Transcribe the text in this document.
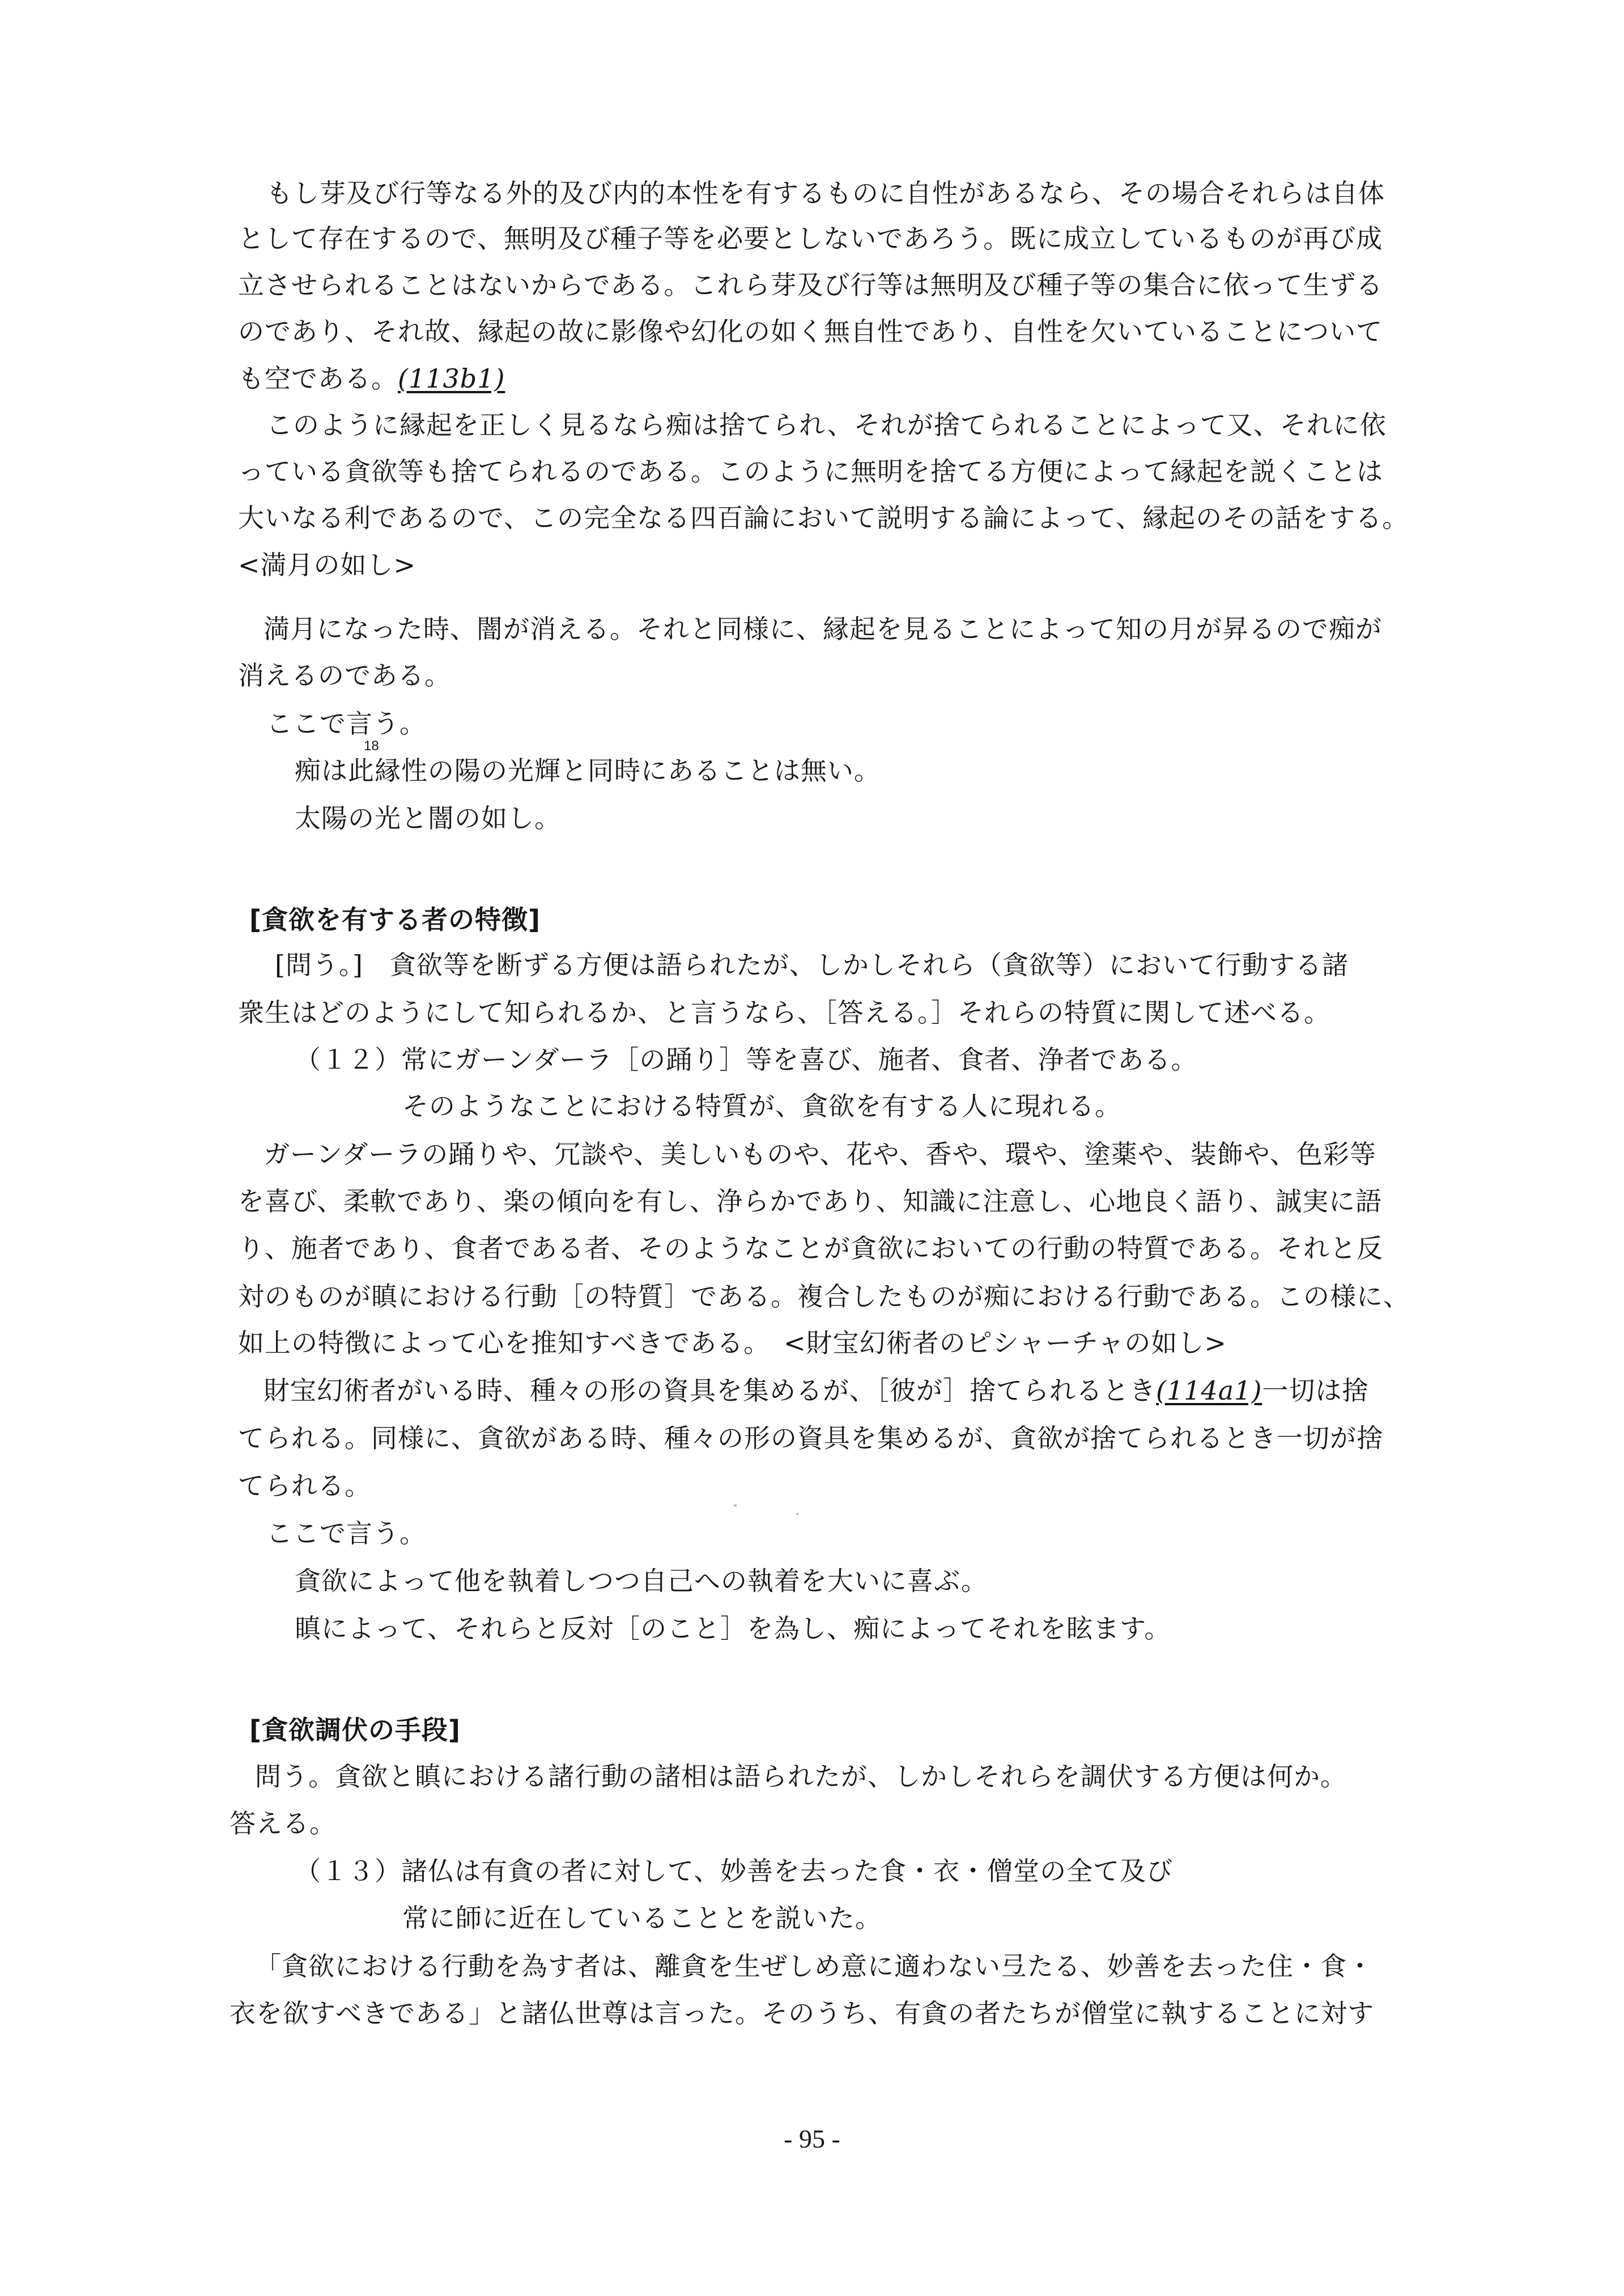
もし芽及び行等なる外的及び内的本性を有するものに自性があるなら、その場合それらは自体
として存在するので、無明及び種子等を必要としないであろう。既に成立しているものが再び成
立させられることはないからである。これら芽及び行等は無明及び種子等の集合に依って生ずる
のであり、それ故、縁起の故に影像や幻化の如く無自性であり、自性を欠いていることについて
も空である。(113b1)
このように縁起を正しく見るなら痴は捨てられ、それが捨てられることによって又、それに依
っている貪欲等も捨てられるのである。このように無明を捨てる方便によって縁起を説くことは
大いなる利であるので、この完全なる四百論において説明する論によって、縁起のその話をする。
<満月の如し>
満月になった時、闇が消える。それと同様に、縁起を見ることによって知の月が昇るので痴が
消えるのである。
ここで言う。
18
痴は此縁性の陽の光輝と同時にあることは無い。
太陽の光と闇の如し。
[貪欲を有する者の特徴]
[問う。]　貪欲等を断ずる方便は語られたが、しかしそれら（貪欲等）において行動する諸
衆生はどのようにして知られるか、と言うなら、［答える。］それらの特質に関して述べる。
（１２）常にガーンダーラ［の踊り］等を喜び、施者、食者、浄者である。
そのようなことにおける特質が、貪欲を有する人に現れる。
ガーンダーラの踊りや、冗談や、美しいものや、花や、香や、環や、塗薬や、装飾や、色彩等
を喜び、柔軟であり、楽の傾向を有し、浄らかであり、知識に注意し、心地良く語り、誠実に語
り、施者であり、食者である者、そのようなことが貪欲においての行動の特質である。それと反
対のものが瞋における行動［の特質］である。複合したものが痴における行動である。この様に、
如上の特徴によって心を推知すべきである。　<財宝幻術者のピシャーチャの如し>
財宝幻術者がいる時、種々の形の資具を集めるが、［彼が］捨てられるとき(114a1)一切は捨
てられる。同様に、貪欲がある時、種々の形の資具を集めるが、貪欲が捨てられるとき一切が捨
てられる。
ここで言う。
貪欲によって他を執着しつつ自己への執着を大いに喜ぶ。
瞋によって、それらと反対［のこと］を為し、痴によってそれを眩ます。
[貪欲調伏の手段]
問う。貪欲と瞋における諸行動の諸相は語られたが、しかしそれらを調伏する方便は何か。
答える。
（１３）諸仏は有貪の者に対して、妙善を去った食・衣・僧堂の全て及び
常に師に近在していることとを説いた。
「貪欲における行動を為す者は、離貪を生ぜしめ意に適わない弖たる、妙善を去った住・食・
衣を欲すべきである」と諸仏世尊は言った。そのうち、有貪の者たちが僧堂に執することに対す
- 95 -
